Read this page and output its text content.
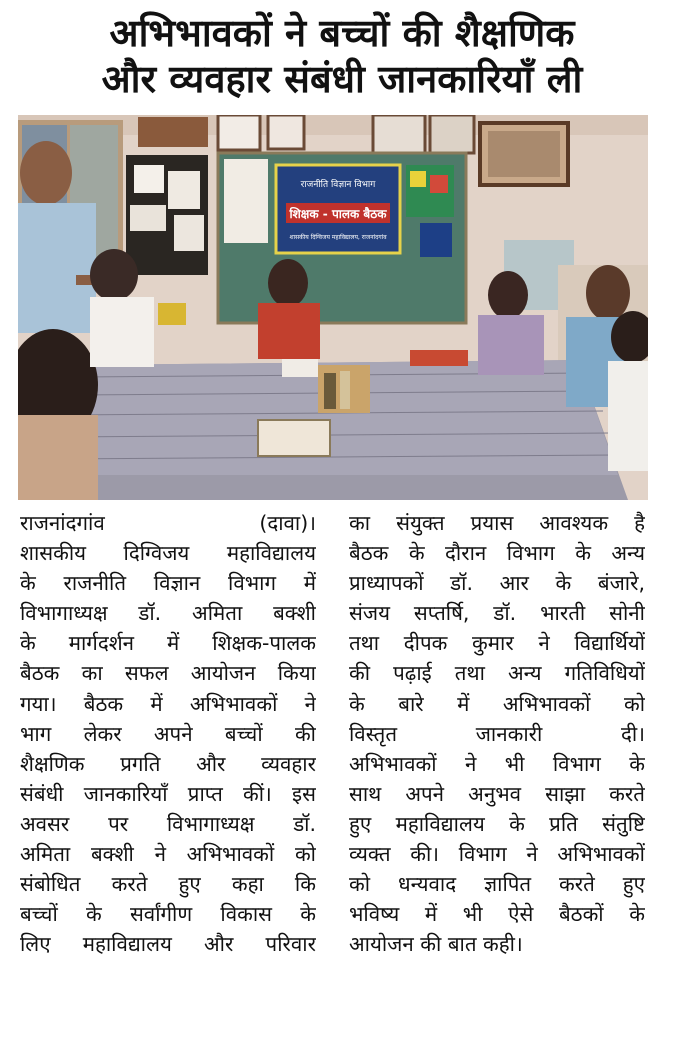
अभिभावकों ने बच्चों की शैक्षणिक
और व्यवहार संबंधी जानकारियाँ ली
राजनीति विज्ञान विभाग
शिक्षक - पालक बैठक
शासकीय दिग्विजय महाविद्यालय, राजनांदगांव
राजनांदगांव	(दावा)।
शासकीय दिग्विजय महाविद्यालय
के राजनीति विज्ञान विभाग में
विभागाध्यक्ष डॉ. अमिता बक्शी
के मार्गदर्शन में शिक्षक-पालक
बैठक का सफल आयोजन किया
गया। बैठक में अभिभावकों ने
भाग लेकर अपने बच्चों की
शैक्षणिक प्रगति और व्यवहार
संबंधी जानकारियाँ प्राप्त कीं। इस
अवसर पर विभागाध्यक्ष डॉ.
अमिता बक्शी ने अभिभावकों को
संबोधित करते हुए कहा कि
बच्चों के सर्वांगीण विकास के
लिए महाविद्यालय और परिवार
का संयुक्त प्रयास आवश्यक है
बैठक के दौरान विभाग के अन्य
प्राध्यापकों डॉ. आर के बंजारे,
संजय सप्तर्षि, डॉ. भारती सोनी
तथा दीपक कुमार ने विद्यार्थियों
की पढ़ाई तथा अन्य गतिविधियों
के बारे में अभिभावकों को
विस्तृत जानकारी दी।
अभिभावकों ने भी विभाग के
साथ अपने अनुभव साझा करते
हुए महाविद्यालय के प्रति संतुष्टि
व्यक्त की। विभाग ने अभिभावकों
को धन्यवाद ज्ञापित करते हुए
भविष्य में भी ऐसे बैठकों के
आयोजन की बात कही।
